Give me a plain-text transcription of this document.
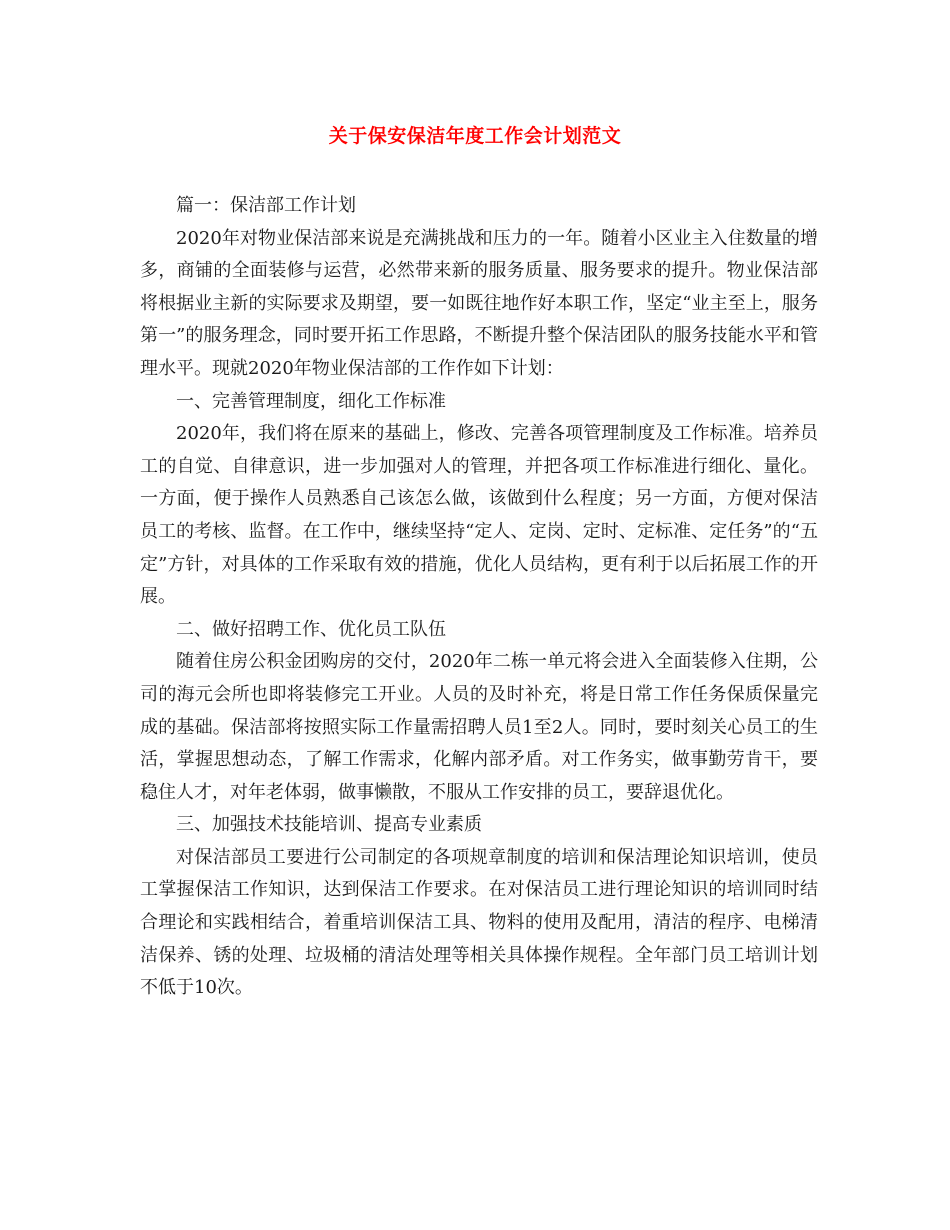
关于保安保洁年度工作会计划范文

篇一：保洁部工作计划

2020年对物业保洁部来说是充满挑战和压力的一年。随着小区业主入住数量的增多，商铺的全面装修与运营，必然带来新的服务质量、服务要求的提升。物业保洁部将根据业主新的实际要求及期望，要一如既往地作好本职工作，坚定“业主至上，服务第一”的服务理念，同时要开拓工作思路，不断提升整个保洁团队的服务技能水平和管理水平。现就2020年物业保洁部的工作作如下计划：

一、完善管理制度，细化工作标准

2020年，我们将在原来的基础上，修改、完善各项管理制度及工作标准。培养员工的自觉、自律意识，进一步加强对人的管理，并把各项工作标准进行细化、量化。一方面，便于操作人员熟悉自己该怎么做，该做到什么程度；另一方面，方便对保洁员工的考核、监督。在工作中，继续坚持“定人、定岗、定时、定标准、定任务”的“五定”方针，对具体的工作采取有效的措施，优化人员结构，更有利于以后拓展工作的开展。

二、做好招聘工作、优化员工队伍

随着住房公积金团购房的交付，2020年二栋一单元将会进入全面装修入住期，公司的海元会所也即将装修完工开业。人员的及时补充，将是日常工作任务保质保量完成的基础。保洁部将按照实际工作量需招聘人员1至2人。同时，要时刻关心员工的生活，掌握思想动态，了解工作需求，化解内部矛盾。对工作务实，做事勤劳肯干，要稳住人才，对年老体弱，做事懒散，不服从工作安排的员工，要辞退优化。

三、加强技术技能培训、提高专业素质

对保洁部员工要进行公司制定的各项规章制度的培训和保洁理论知识培训，使员工掌握保洁工作知识，达到保洁工作要求。在对保洁员工进行理论知识的培训同时结合理论和实践相结合，着重培训保洁工具、物料的使用及配用，清洁的程序、电梯清洁保养、锈的处理、垃圾桶的清洁处理等相关具体操作规程。全年部门员工培训计划不低于10次。
